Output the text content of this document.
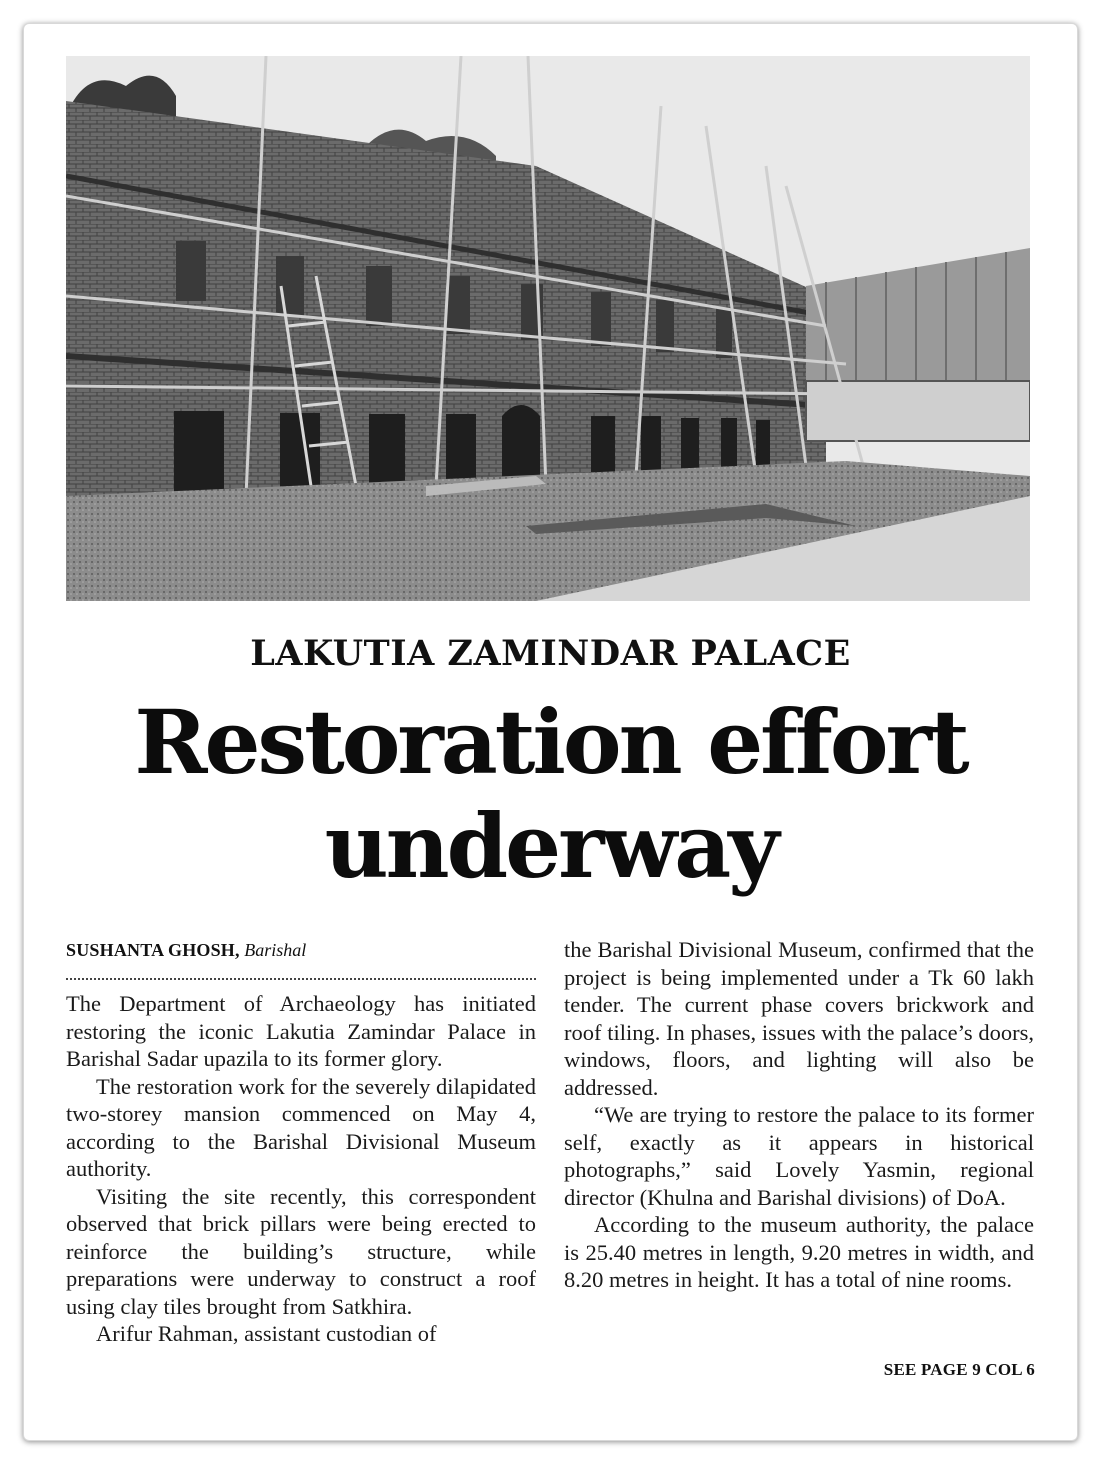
LAKUTIA ZAMINDAR PALACE
Restoration effort underway
SUSHANTA GHOSH, Barishal

The Department of Archaeology has initiated restoring the iconic Lakutia Zamindar Palace in Barishal Sadar upazila to its former glory.

The restoration work for the severely dilapidated two-storey mansion commenced on May 4, according to the Barishal Divisional Museum authority.

Visiting the site recently, this correspondent observed that brick pillars were being erected to reinforce the building’s structure, while preparations were underway to construct a roof using clay tiles brought from Satkhira.

Arifur Rahman, assistant custodian of

the Barishal Divisional Museum, confirmed that the project is being implemented under a Tk 60 lakh tender. The current phase covers brickwork and roof tiling. In phases, issues with the palace’s doors, windows, floors, and lighting will also be addressed.

“We are trying to restore the palace to its former self, exactly as it appears in historical photographs,” said Lovely Yasmin, regional director (Khulna and Barishal divisions) of DoA.

According to the museum authority, the palace is 25.40 metres in length, 9.20 metres in width, and 8.20 metres in height. It has a total of nine rooms.

SEE PAGE 9 COL 6
